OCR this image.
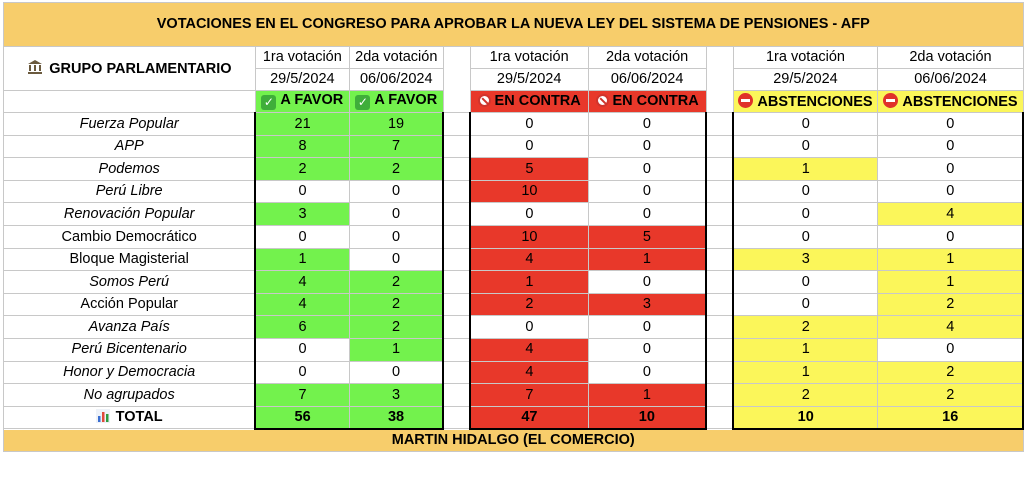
VOTACIONES EN EL CONGRESO PARA APROBAR LA NUEVA LEY DEL SISTEMA DE PENSIONES - AFP								
GRUPO PARLAMENTARIO	1ra votación	2da votación		1ra votación	2da votación		1ra votación	2da votación
	29/5/2024	06/06/2024		29/5/2024	06/06/2024		29/5/2024	06/06/2024
	✓ A FAVOR	✓ A FAVOR		EN CONTRA	EN CONTRA		ABSTENCIONES	ABSTENCIONES
Fuerza Popular	21	19		0	0		0	0
APP	8	7		0	0		0	0
Podemos	2	2		5	0		1	0
Perú Libre	0	0		10	0		0	0
Renovación Popular	3	0		0	0		0	4
Cambio Democrático	0	0		10	5		0	0
Bloque Magisterial	1	0		4	1		3	1
Somos Perú	4	2		1	0		0	1
Acción Popular	4	2		2	3		0	2
Avanza País	6	2		0	0		2	4
Perú Bicentenario	0	1		4	0		1	0
Honor y Democracia	0	0		4	0		1	2
No agrupados	7	3		7	1		2	2
TOTAL	56	38		47	10		10	16
MARTIN HIDALGO (EL COMERCIO)								
